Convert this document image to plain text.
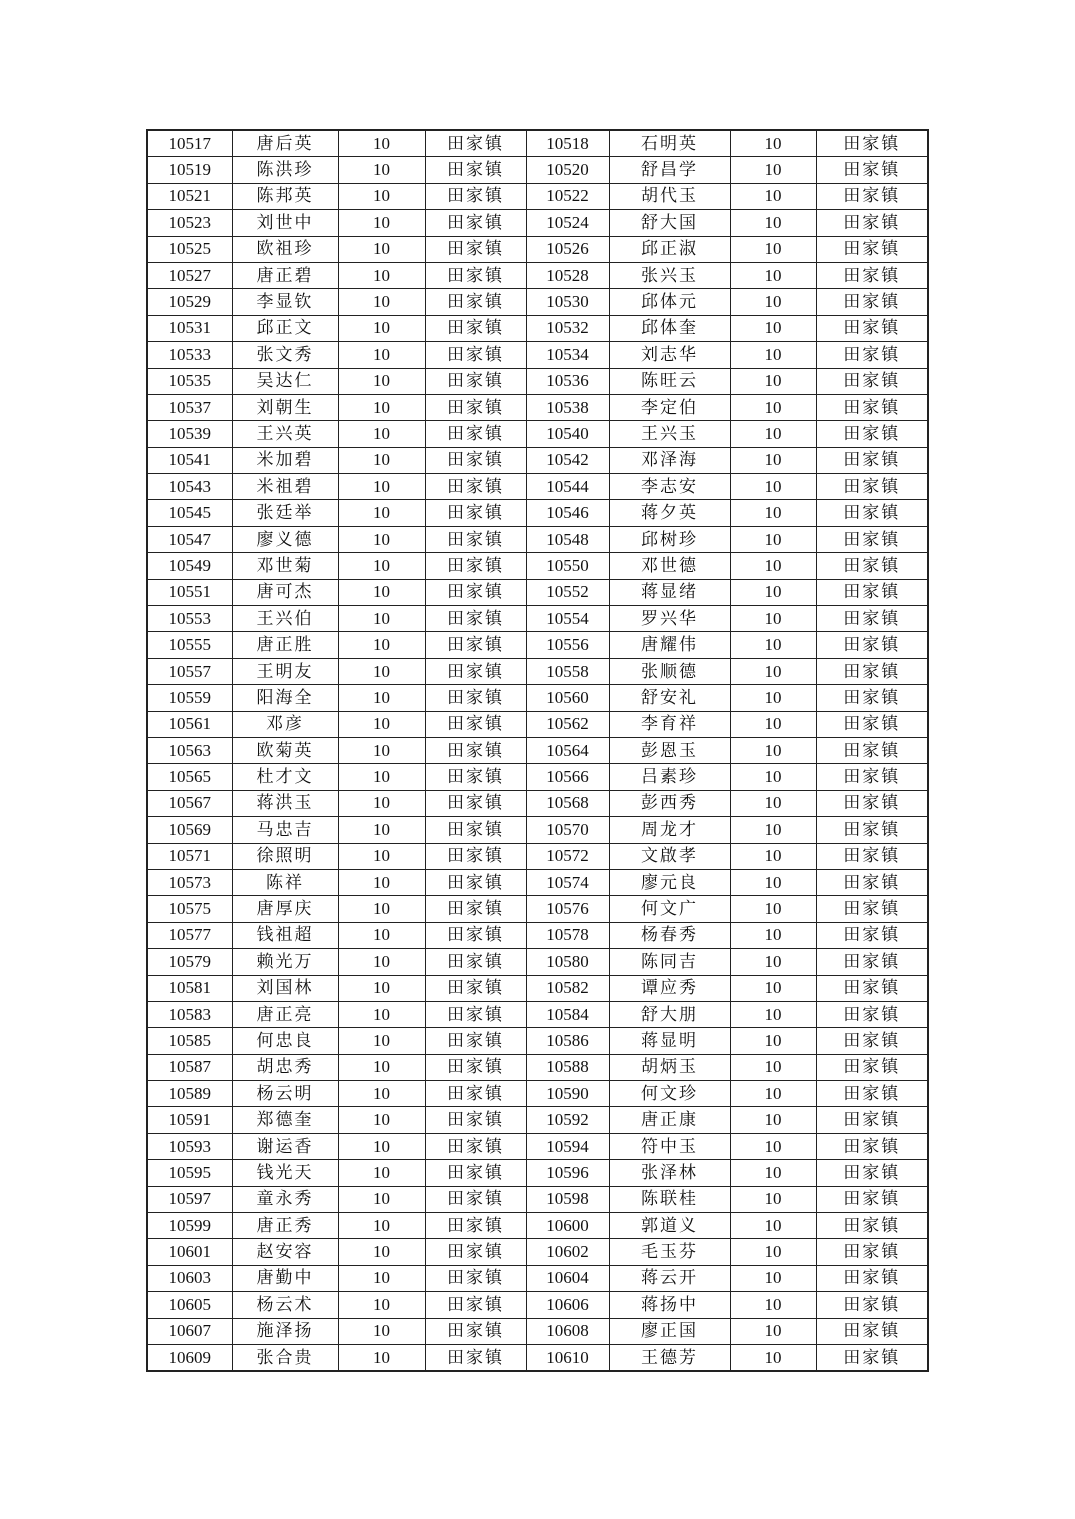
10517	唐后英	10	田家镇	10518	石明英	10	田家镇
10519	陈洪珍	10	田家镇	10520	舒昌学	10	田家镇
10521	陈邦英	10	田家镇	10522	胡代玉	10	田家镇
10523	刘世中	10	田家镇	10524	舒大国	10	田家镇
10525	欧祖珍	10	田家镇	10526	邱正淑	10	田家镇
10527	唐正碧	10	田家镇	10528	张兴玉	10	田家镇
10529	李显钦	10	田家镇	10530	邱体元	10	田家镇
10531	邱正文	10	田家镇	10532	邱体奎	10	田家镇
10533	张文秀	10	田家镇	10534	刘志华	10	田家镇
10535	吴达仁	10	田家镇	10536	陈旺云	10	田家镇
10537	刘朝生	10	田家镇	10538	李定伯	10	田家镇
10539	王兴英	10	田家镇	10540	王兴玉	10	田家镇
10541	米加碧	10	田家镇	10542	邓泽海	10	田家镇
10543	米祖碧	10	田家镇	10544	李志安	10	田家镇
10545	张廷举	10	田家镇	10546	蒋夕英	10	田家镇
10547	廖义德	10	田家镇	10548	邱树珍	10	田家镇
10549	邓世菊	10	田家镇	10550	邓世德	10	田家镇
10551	唐可杰	10	田家镇	10552	蒋显绪	10	田家镇
10553	王兴伯	10	田家镇	10554	罗兴华	10	田家镇
10555	唐正胜	10	田家镇	10556	唐耀伟	10	田家镇
10557	王明友	10	田家镇	10558	张顺德	10	田家镇
10559	阳海全	10	田家镇	10560	舒安礼	10	田家镇
10561	邓彦	10	田家镇	10562	李育祥	10	田家镇
10563	欧菊英	10	田家镇	10564	彭恩玉	10	田家镇
10565	杜才文	10	田家镇	10566	吕素珍	10	田家镇
10567	蒋洪玉	10	田家镇	10568	彭西秀	10	田家镇
10569	马忠吉	10	田家镇	10570	周龙才	10	田家镇
10571	徐照明	10	田家镇	10572	文啟孝	10	田家镇
10573	陈祥	10	田家镇	10574	廖元良	10	田家镇
10575	唐厚庆	10	田家镇	10576	何文广	10	田家镇
10577	钱祖超	10	田家镇	10578	杨春秀	10	田家镇
10579	赖光万	10	田家镇	10580	陈同吉	10	田家镇
10581	刘国林	10	田家镇	10582	谭应秀	10	田家镇
10583	唐正亮	10	田家镇	10584	舒大朋	10	田家镇
10585	何忠良	10	田家镇	10586	蒋显明	10	田家镇
10587	胡忠秀	10	田家镇	10588	胡炳玉	10	田家镇
10589	杨云明	10	田家镇	10590	何文珍	10	田家镇
10591	郑德奎	10	田家镇	10592	唐正康	10	田家镇
10593	谢运香	10	田家镇	10594	符中玉	10	田家镇
10595	钱光天	10	田家镇	10596	张泽林	10	田家镇
10597	童永秀	10	田家镇	10598	陈联桂	10	田家镇
10599	唐正秀	10	田家镇	10600	郭道义	10	田家镇
10601	赵安容	10	田家镇	10602	毛玉芬	10	田家镇
10603	唐勤中	10	田家镇	10604	蒋云开	10	田家镇
10605	杨云术	10	田家镇	10606	蒋扬中	10	田家镇
10607	施泽扬	10	田家镇	10608	廖正国	10	田家镇
10609	张合贵	10	田家镇	10610	王德芳	10	田家镇
